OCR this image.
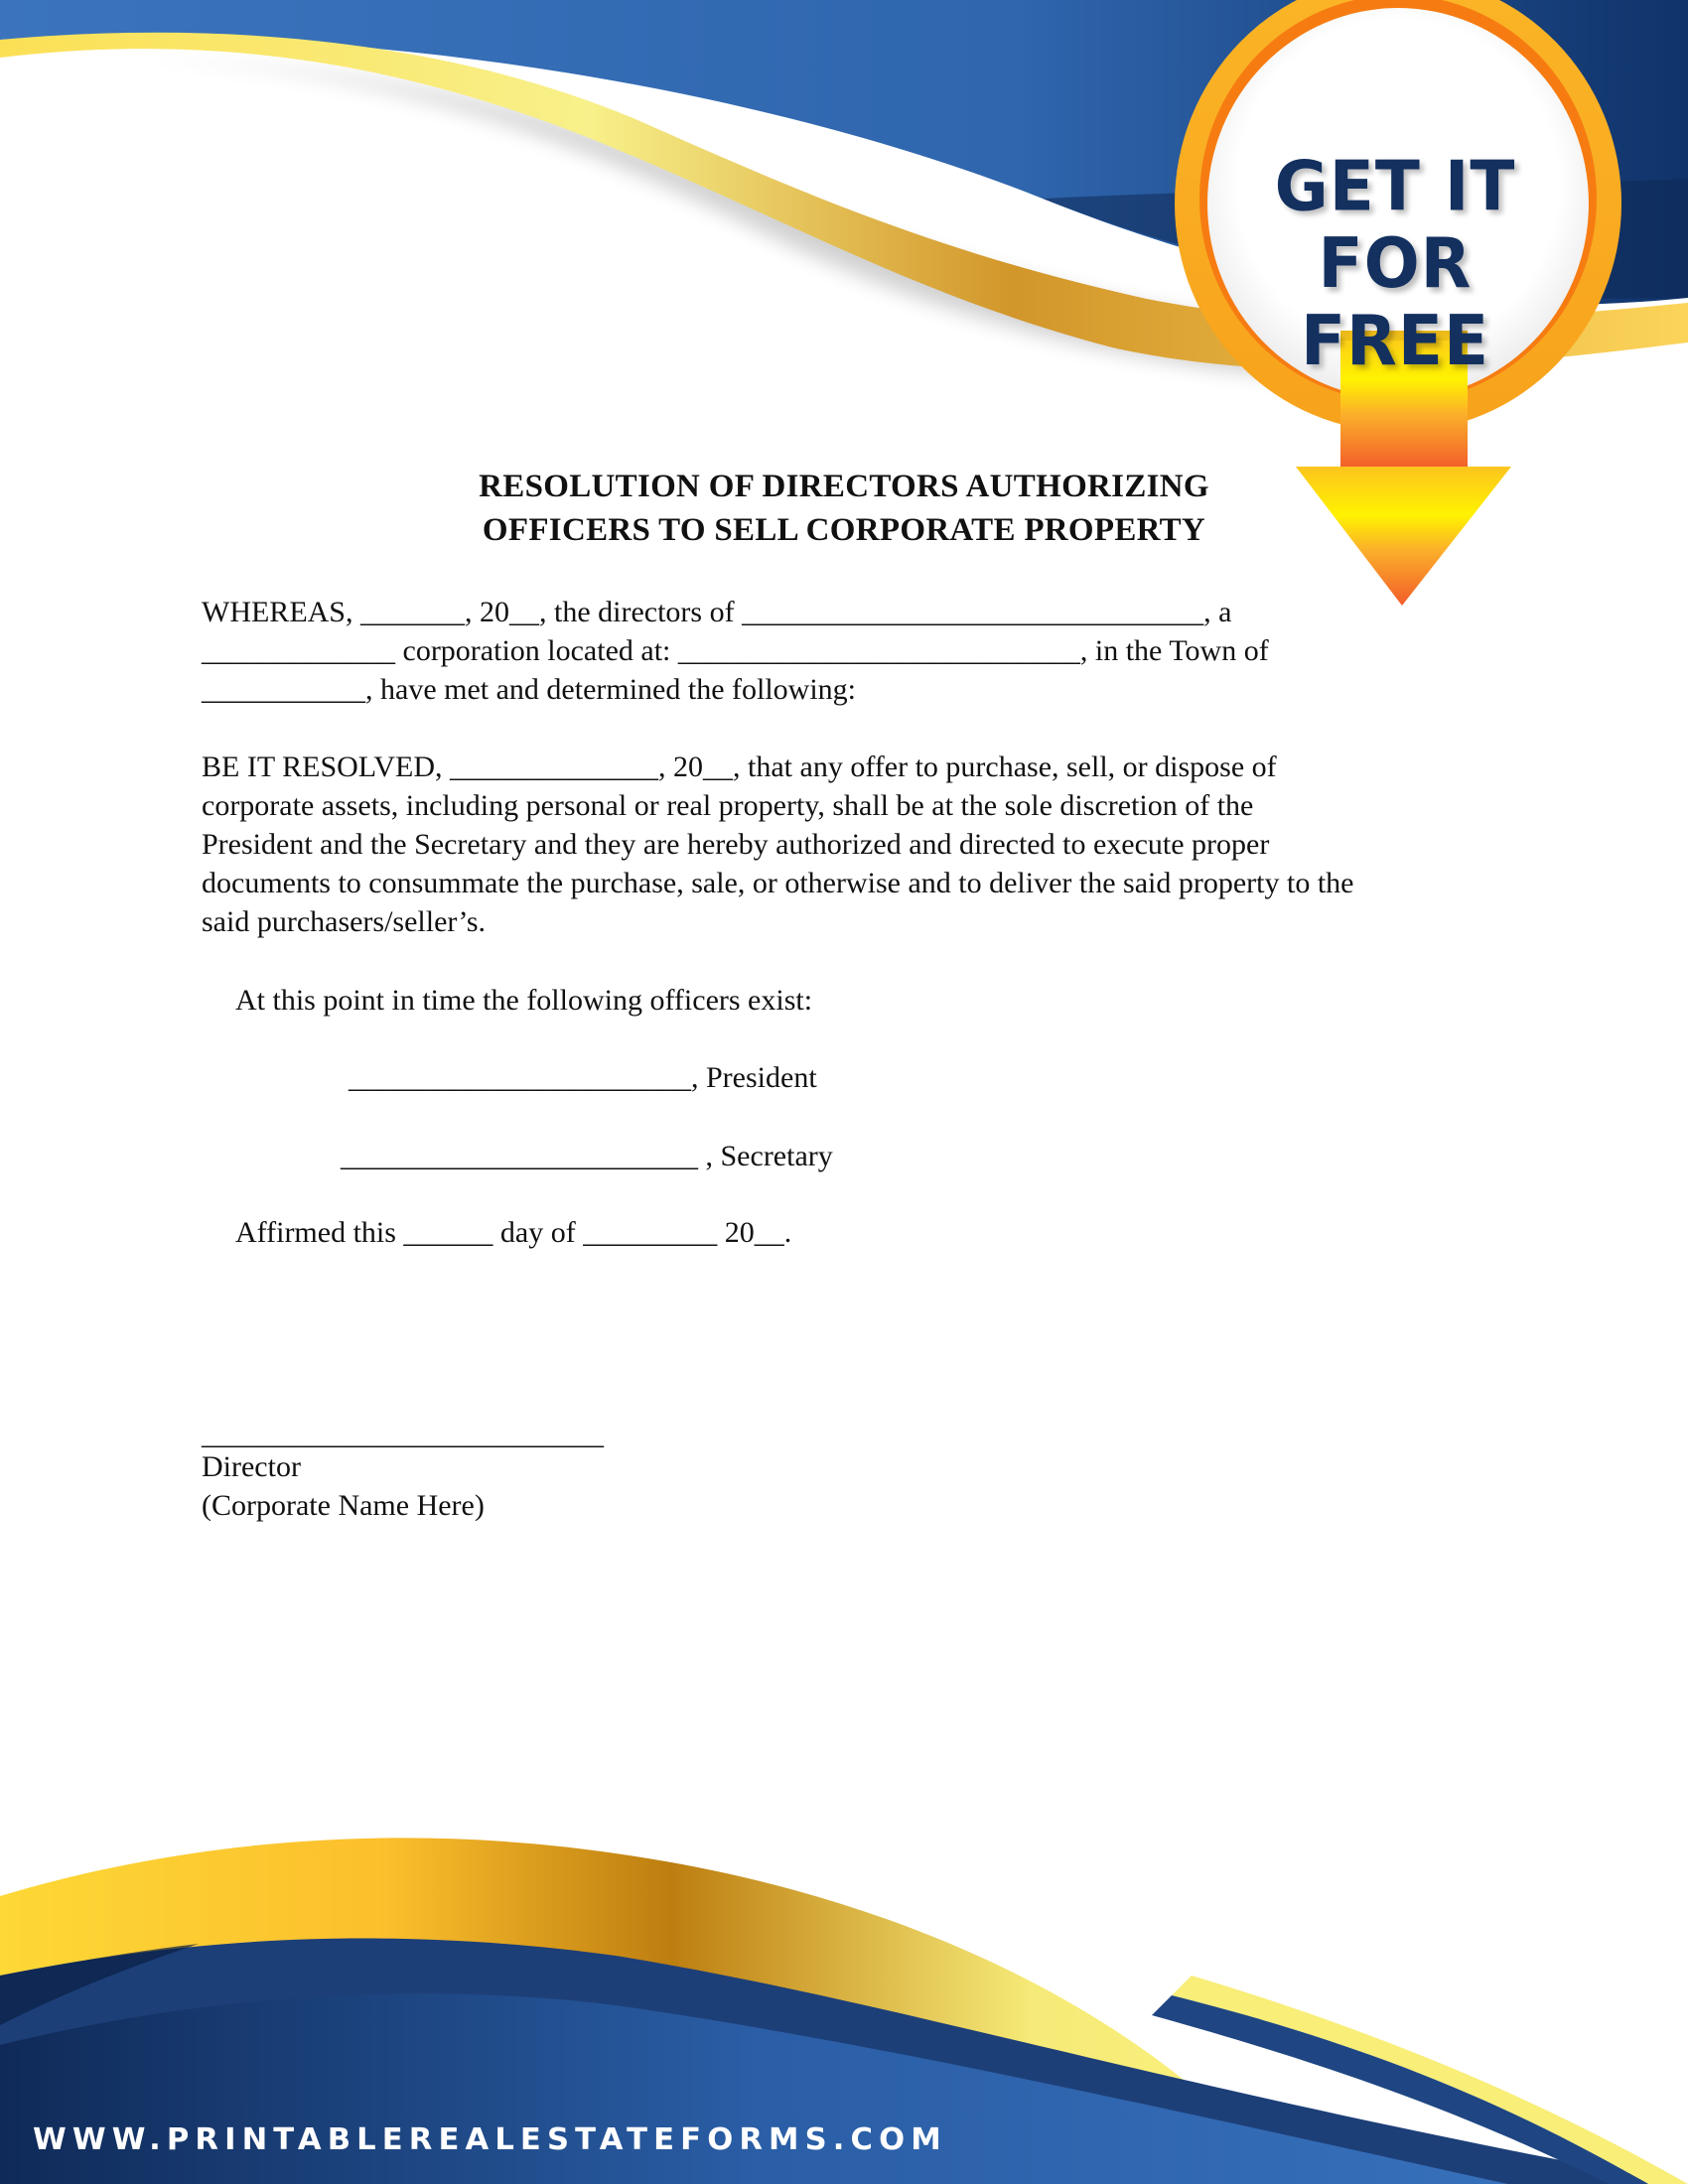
GET IT
FOR FREE
RESOLUTION OF DIRECTORS AUTHORIZING
OFFICERS TO SELL CORPORATE PROPERTY
WHEREAS, _______, 20__, the directors of _______________________________, a
_____________ corporation located at: ___________________________, in the Town of
___________, have met and determined the following:
BE IT RESOLVED, ______________, 20__, that any offer to purchase, sell, or dispose of
corporate assets, including personal or real property, shall be at the sole discretion of the
President and the Secretary and they are hereby authorized and directed to execute proper
documents to consummate the purchase, sale, or otherwise and to deliver the said property to the
said purchasers/seller’s.
At this point in time the following officers exist:
_______________________, President
________________________ , Secretary
Affirmed this ______ day of _________ 20__.
___________________________
Director
(Corporate Name Here)
WWW.PRINTABLEREALESTATEFORMS.COM
